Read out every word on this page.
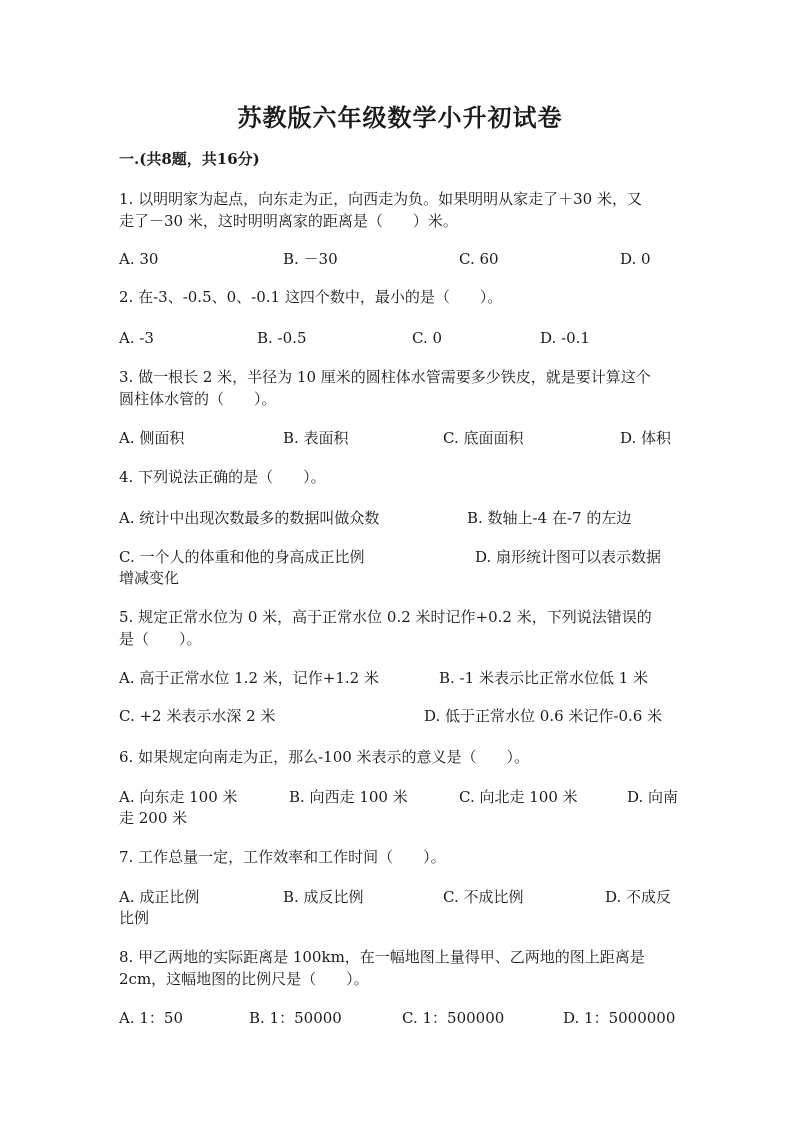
苏教版六年级数学小升初试卷
一.(共8题，共16分)
1. 以明明家为起点，向东走为正，向西走为负。如果明明从家走了＋30 米，又
走了－30 米，这时明明离家的距离是（　　）米。
A. 30	B. －30	C. 60	D. 0
2. 在-3、-0.5、0、-0.1 这四个数中，最小的是（　　）。
A. -3	B. -0.5	C. 0	D. -0.1
3. 做一根长 2 米，半径为 10 厘米的圆柱体水管需要多少铁皮，就是要计算这个
圆柱体水管的（　　）。
A. 侧面积	B. 表面积	C. 底面面积	D. 体积
4. 下列说法正确的是（　　）。
A. 统计中出现次数最多的数据叫做众数	B. 数轴上-4 在-7 的左边
C. 一个人的体重和他的身高成正比例	D. 扇形统计图可以表示数据
增减变化
5. 规定正常水位为 0 米，高于正常水位 0.2 米时记作+0.2 米，下列说法错误的
是（　　）。
A. 高于正常水位 1.2 米，记作+1.2 米	B. -1 米表示比正常水位低 1 米
C. +2 米表示水深 2 米	D. 低于正常水位 0.6 米记作-0.6 米
6. 如果规定向南走为正，那么-100 米表示的意义是（　　）。
A. 向东走 100 米	B. 向西走 100 米	C. 向北走 100 米	D. 向南
走 200 米
7. 工作总量一定，工作效率和工作时间（　　）。
A. 成正比例	B. 成反比例	C. 不成比例	D. 不成反
比例
8. 甲乙两地的实际距离是 100km，在一幅地图上量得甲、乙两地的图上距离是
2cm，这幅地图的比例尺是（　　）。
A. 1：50	B. 1：50000	C. 1：500000	D. 1：5000000
